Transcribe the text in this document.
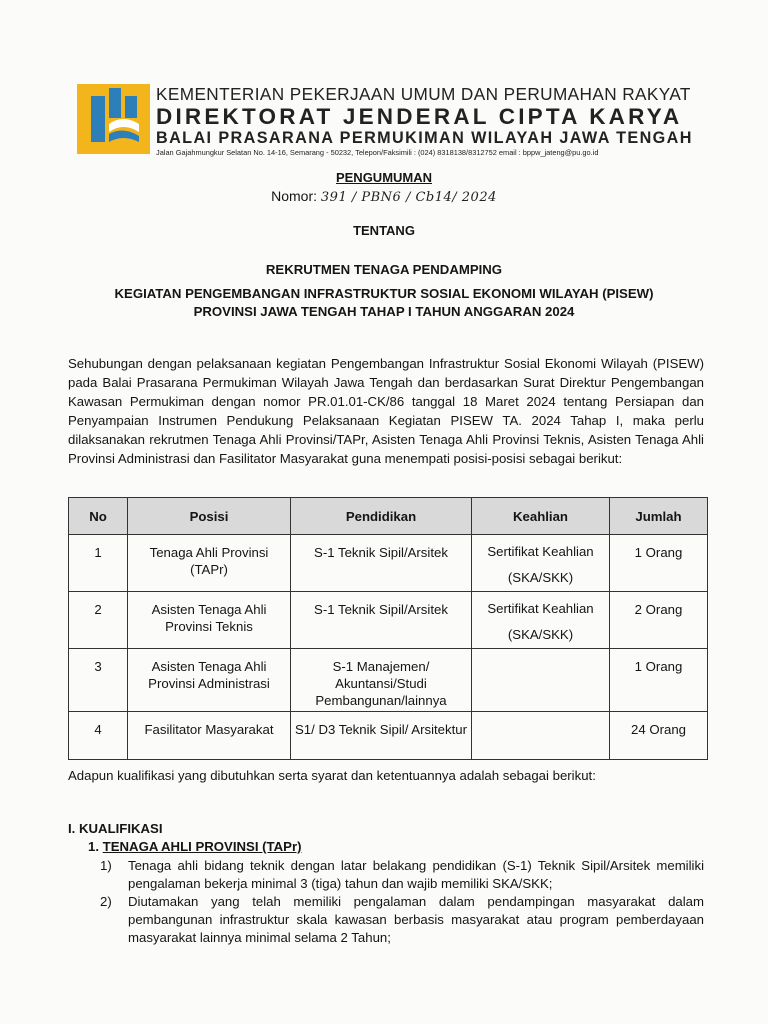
KEMENTERIAN PEKERJAAN UMUM DAN PERUMAHAN RAKYAT
DIREKTORAT JENDERAL CIPTA KARYA
BALAI PRASARANA PERMUKIMAN WILAYAH JAWA TENGAH
Jalan Gajahmungkur Selatan No. 14-16, Semarang - 50232, Telepon/Faksimili : (024) 8318138/8312752 email : bppw_jateng@pu.go.id
PENGUMUMAN
Nomor: 391 / PBN6 / Cb14/ 2024
TENTANG
REKRUTMEN TENAGA PENDAMPING
KEGIATAN PENGEMBANGAN INFRASTRUKTUR SOSIAL EKONOMI WILAYAH (PISEW)
PROVINSI JAWA TENGAH TAHAP I TAHUN ANGGARAN 2024
Sehubungan dengan pelaksanaan kegiatan Pengembangan Infrastruktur Sosial Ekonomi Wilayah (PISEW) pada Balai Prasarana Permukiman Wilayah Jawa Tengah dan berdasarkan Surat Direktur Pengembangan Kawasan Permukiman dengan nomor PR.01.01-CK/86 tanggal 18 Maret 2024 tentang Persiapan dan Penyampaian Instrumen Pendukung Pelaksanaan Kegiatan PISEW TA. 2024 Tahap I, maka perlu dilaksanakan rekrutmen Tenaga Ahli Provinsi/TAPr, Asisten Tenaga Ahli Provinsi Teknis, Asisten Tenaga Ahli Provinsi Administrasi dan Fasilitator Masyarakat guna menempati posisi-posisi sebagai berikut:
No	Posisi	Pendidikan	Keahlian	Jumlah
1	Tenaga Ahli Provinsi (TAPr)	S-1 Teknik Sipil/Arsitek	Sertifikat Keahlian (SKA/SKK)	1 Orang
2	Asisten Tenaga Ahli Provinsi Teknis	S-1 Teknik Sipil/Arsitek	Sertifikat Keahlian (SKA/SKK)	2 Orang
3	Asisten Tenaga Ahli Provinsi Administrasi	S-1 Manajemen/ Akuntansi/Studi Pembangunan/lainnya		1 Orang
4	Fasilitator Masyarakat	S1/ D3 Teknik Sipil/ Arsitektur		24 Orang
Adapun kualifikasi yang dibutuhkan serta syarat dan ketentuannya adalah sebagai berikut:
I. KUALIFIKASI
1. TENAGA AHLI PROVINSI (TAPr)
1) Tenaga ahli bidang teknik dengan latar belakang pendidikan (S-1) Teknik Sipil/Arsitek memiliki pengalaman bekerja minimal 3 (tiga) tahun dan wajib memiliki SKA/SKK;
2) Diutamakan yang telah memiliki pengalaman dalam pendampingan masyarakat dalam pembangunan infrastruktur skala kawasan berbasis masyarakat atau program pemberdayaan masyarakat lainnya minimal selama 2 Tahun;
